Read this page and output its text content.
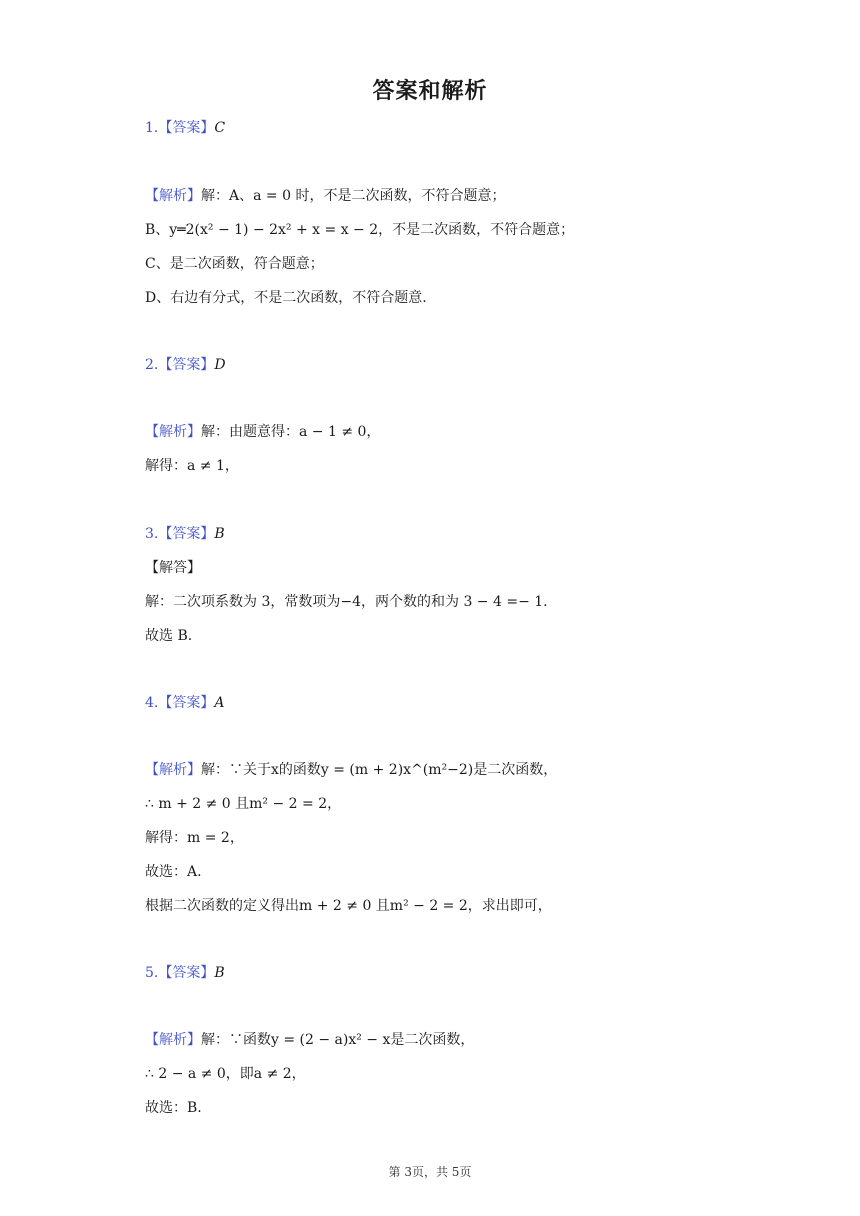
答案和解析
1.【答案】C
【解析】解：A、a = 0 时，不是二次函数，不符合题意；
B、y═2(x² − 1) − 2x² + x = x − 2，不是二次函数，不符合题意；
C、是二次函数，符合题意；
D、右边有分式，不是二次函数，不符合题意.
2.【答案】D
【解析】解：由题意得：a − 1 ≠ 0，
解得：a ≠ 1，
3.【答案】B
【解答】
解：二次项系数为 3，常数项为−4，两个数的和为 3 − 4 =− 1.
故选 B.
4.【答案】A
【解析】解：∵关于x的函数y = (m + 2)x^(m²−2)是二次函数，
∴ m + 2 ≠ 0 且m² − 2 = 2，
解得：m = 2，
故选：A.
根据二次函数的定义得出m + 2 ≠ 0 且m² − 2 = 2，求出即可，
5.【答案】B
【解析】解：∵函数y = (2 − a)x² − x是二次函数，
∴ 2 − a ≠ 0，即a ≠ 2，
故选：B.
第 3页，共 5页
